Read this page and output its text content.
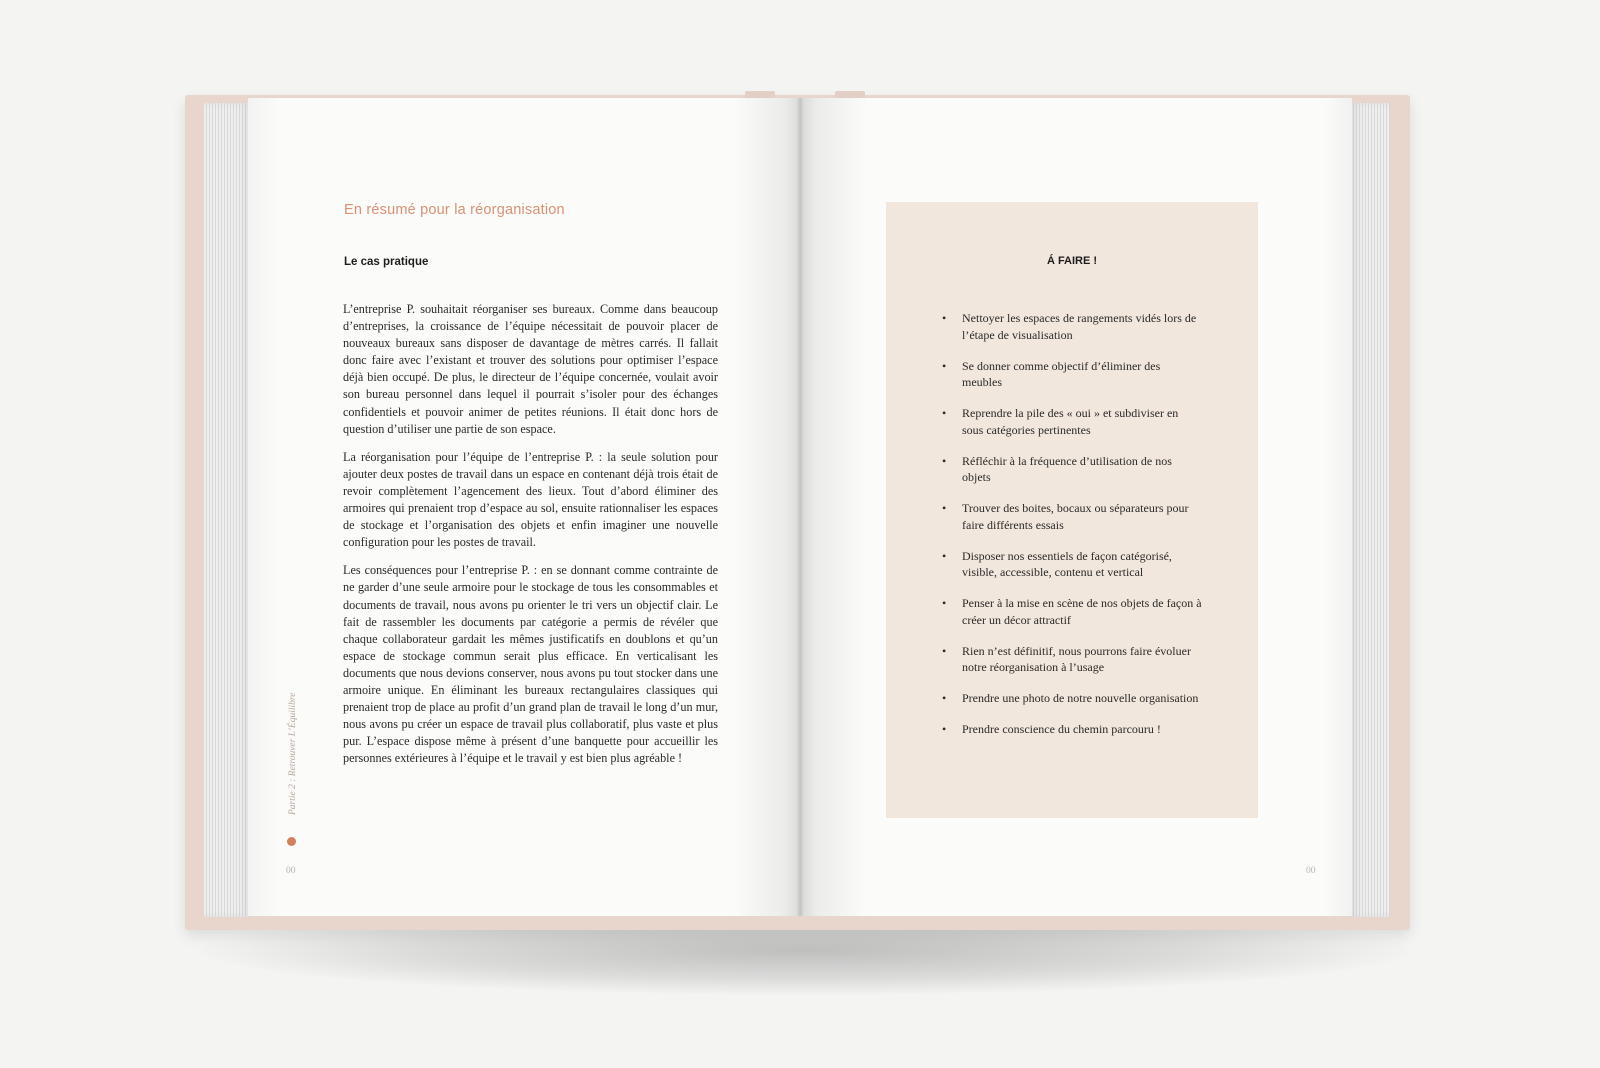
En résumé pour la réorganisation
Le cas pratique

L’entreprise P. souhaitait réorganiser ses bureaux. Comme dans beaucoup d’entreprises, la croissance de l’équipe nécessitait de pouvoir placer de nouveaux bureaux sans disposer de davantage de mètres carrés. Il fallait donc faire avec l’existant et trouver des solutions pour optimiser l’espace déjà bien occupé. De plus, le directeur de l’équipe concernée, voulait avoir son bureau personnel dans lequel il pourrait s’isoler pour des échanges confidentiels et pouvoir animer de petites réunions. Il était donc hors de question d’utiliser une partie de son espace.

La réorganisation pour l’équipe de l’entreprise P. : la seule solution pour ajouter deux postes de travail dans un espace en contenant déjà trois était de revoir complètement l’agencement des lieux. Tout d’abord éliminer des armoires qui prenaient trop d’espace au sol, ensuite rationnaliser les espaces de stockage et l’organisation des objets et enfin imaginer une nouvelle configuration pour les postes de travail.

Les conséquences pour l’entreprise P. : en se donnant comme contrainte de ne garder d’une seule armoire pour le stockage de tous les consommables et documents de travail, nous avons pu orienter le tri vers un objectif clair. Le fait de rassembler les documents par catégorie a permis de révéler que chaque collaborateur gardait les mêmes justificatifs en doublons et qu’un espace de stockage commun serait plus efficace. En verticalisant les documents que nous devions conserver, nous avons pu tout stocker dans une armoire unique. En éliminant les bureaux rectangulaires classiques qui prenaient trop de place au profit d’un grand plan de travail le long d’un mur, nous avons pu créer un espace de travail plus collaboratif, plus vaste et plus pur. L’espace dispose même à présent d’une banquette pour accueillir les personnes extérieures à l’équipe et le travail y est bien plus agréable !

Partie 2 : Retrouver L’Équilibre
00
Á FAIRE !
• Nettoyer les espaces de rangements vidés lors de l’étape de visualisation
• Se donner comme objectif d’éliminer des meubles
• Reprendre la pile des « oui » et subdiviser en sous catégories pertinentes
• Réfléchir à la fréquence d’utilisation de nos objets
• Trouver des boites, bocaux ou séparateurs pour faire différents essais
• Disposer nos essentiels de façon catégorisé, visible, accessible, contenu et vertical
• Penser à la mise en scène de nos objets de façon à créer un décor attractif
• Rien n’est définitif, nous pourrons faire évoluer notre réorganisation à l’usage
• Prendre une photo de notre nouvelle organisation
• Prendre conscience du chemin parcouru !
00
